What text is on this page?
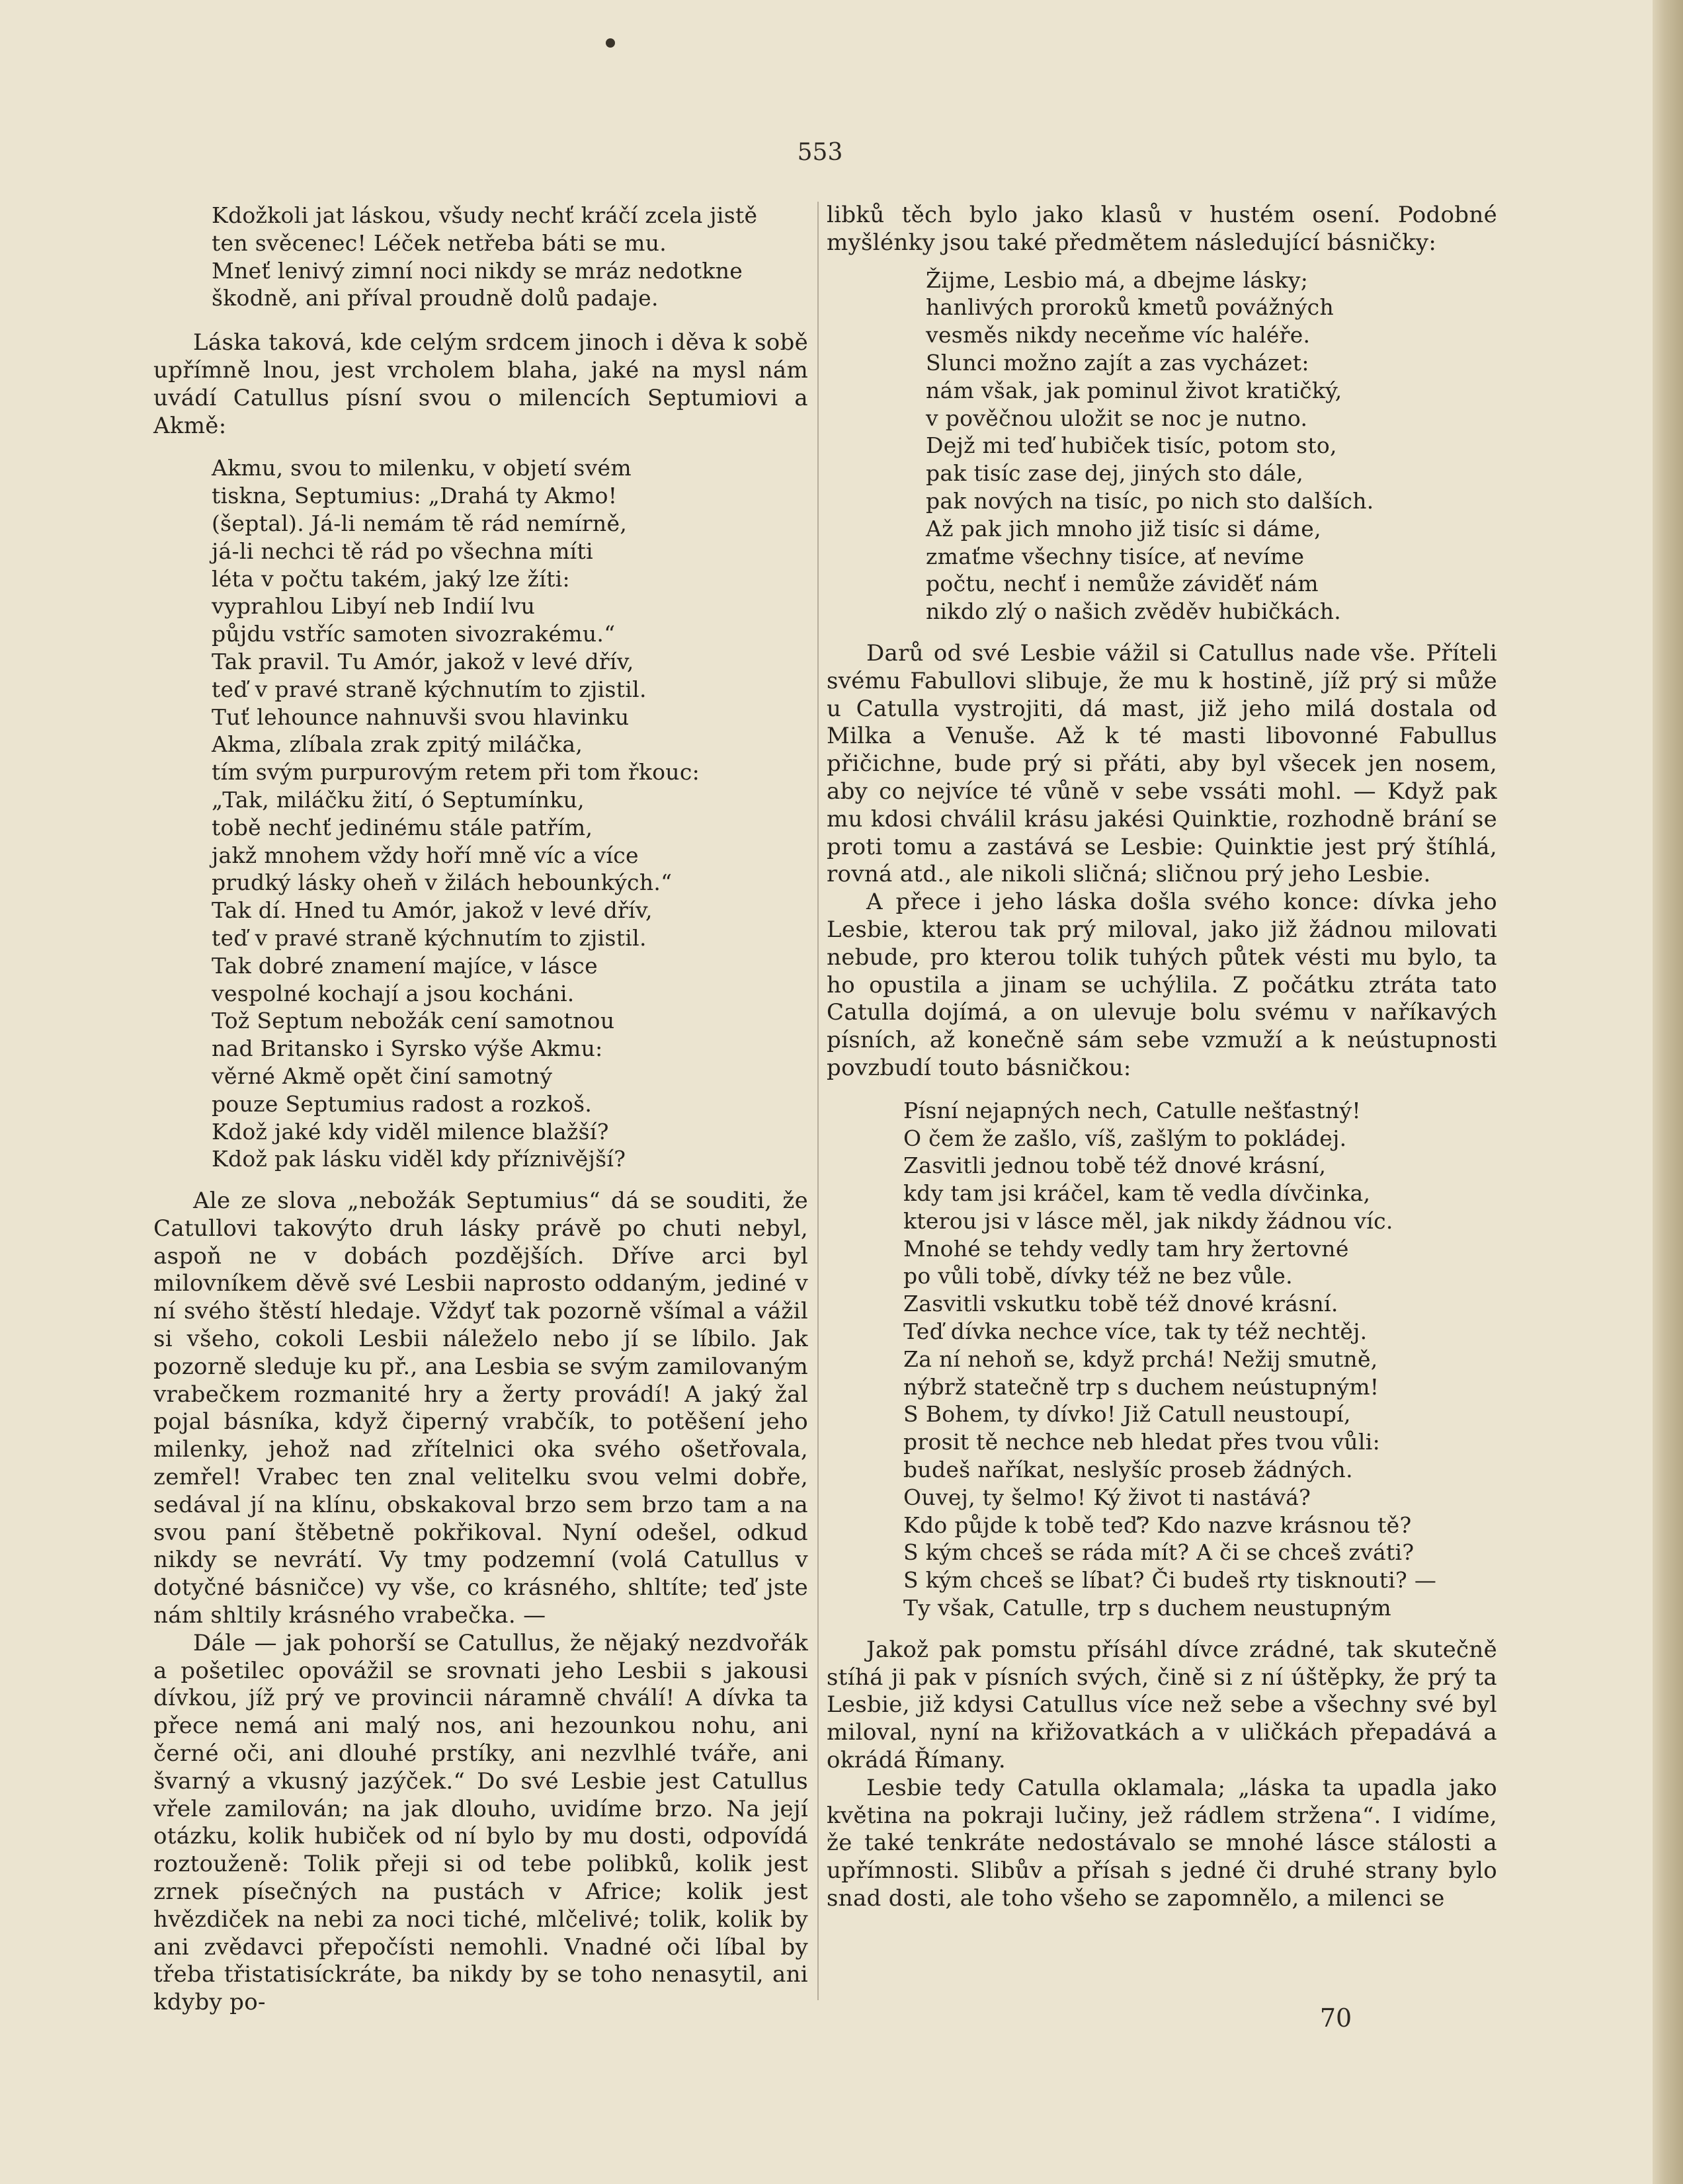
553
Kdožkoli jat láskou, všudy nechť kráčí zcela jistě
ten svěcenec! Léček netřeba báti se mu.
Mneť lenivý zimní noci nikdy se mráz nedotkne
škodně, ani příval proudně dolů padaje.

Láska taková, kde celým srdcem jinoch i děva k sobě upřímně lnou, jest vrcholem blaha, jaké na mysl nám uvádí Catullus písní svou o milencích Septumiovi a Akmě:

Akmu, svou to milenku, v objetí svém
tiskna, Septumius: „Drahá ty Akmo!
(šeptal). Já-li nemám tě rád nemírně,
já-li nechci tě rád po všechna míti
léta v počtu takém, jaký lze žíti:
vyprahlou Libyí neb Indií lvu
půjdu vstříc samoten sivozrakému.“
Tak pravil. Tu Amór, jakož v levé dřív,
teď v pravé straně kýchnutím to zjistil.
Tuť lehounce nahnuvši svou hlavinku
Akma, zlíbala zrak zpitý miláčka,
tím svým purpurovým retem při tom řkouc:
„Tak, miláčku žití, ó Septumínku,
tobě nechť jedinému stále patřím,
jakž mnohem vždy hoří mně víc a více
prudký lásky oheň v žilách hebounkých.“
Tak dí. Hned tu Amór, jakož v levé dřív,
teď v pravé straně kýchnutím to zjistil.
Tak dobré znamení majíce, v lásce
vespolné kochají a jsou kocháni.
Tož Septum nebožák cení samotnou
nad Britansko i Syrsko výše Akmu:
věrné Akmě opět činí samotný
pouze Septumius radost a rozkoš.
Kdož jaké kdy viděl milence blažší?
Kdož pak lásku viděl kdy příznivější?

Ale ze slova „nebožák Septumius“ dá se souditi, že Catullovi takovýto druh lásky právě po chuti nebyl, aspoň ne v dobách pozdějších. Dříve arci byl milovníkem děvě své Lesbii naprosto oddaným, jediné v ní svého štěstí hledaje. Vždyť tak pozorně všímal a vážil si všeho, cokoli Lesbii náleželo nebo jí se líbilo. Jak pozorně sleduje ku př., ana Lesbia se svým zamilovaným vrabečkem rozmanité hry a žerty provádí! A jaký žal pojal básníka, když čiperný vrabčík, to potěšení jeho milenky, jehož nad zřítelnici oka svého ošetřovala, zemřel! Vrabec ten znal velitelku svou velmi dobře, sedával jí na klínu, obskakoval brzo sem brzo tam a na svou paní štěbetně pokřikoval. Nyní odešel, odkud nikdy se nevrátí. Vy tmy podzemní (volá Catullus v dotyčné básničce) vy vše, co krásného, shltíte; teď jste nám shltily krásného vrabečka. —

Dále — jak pohorší se Catullus, že nějaký nezdvořák a pošetilec opovážil se srovnati jeho Lesbii s jakousi dívkou, jíž prý ve provincii náramně chválí! A dívka ta přece nemá ani malý nos, ani hezounkou nohu, ani černé oči, ani dlouhé prstíky, ani nezvlhlé tváře, ani švarný a vkusný jazýček.“ Do své Lesbie jest Catullus vřele zamilován; na jak dlouho, uvidíme brzo. Na její otázku, kolik hubiček od ní bylo by mu dosti, odpovídá roztouženě: Tolik přeji si od tebe polibků, kolik jest zrnek písečných na pustách v Africe; kolik jest hvězdiček na nebi za noci tiché, mlčelivé; tolik, kolik by ani zvědavci přepočísti nemohli. Vnadné oči líbal by třeba třistatisíckráte, ba nikdy by se toho nenasytil, ani kdyby po-

libků těch bylo jako klasů v hustém osení. Podobné myšlénky jsou také předmětem následující básničky:

Žijme, Lesbio má, a dbejme lásky;
hanlivých proroků kmetů povážných
vesměs nikdy neceňme víc haléře.
Slunci možno zajít a zas vycházet:
nám však, jak pominul život kratičký,
v pověčnou uložit se noc je nutno.
Dejž mi teď hubiček tisíc, potom sto,
pak tisíc zase dej, jiných sto dále,
pak nových na tisíc, po nich sto dalších.
Až pak jich mnoho již tisíc si dáme,
zmaťme všechny tisíce, ať nevíme
počtu, nechť i nemůže záviděť nám
nikdo zlý o našich zvěděv hubičkách.

Darů od své Lesbie vážil si Catullus nade vše. Příteli svému Fabullovi slibuje, že mu k hostině, jíž prý si může u Catulla vystrojiti, dá mast, již jeho milá dostala od Milka a Venuše. Až k té masti libovonné Fabullus přičichne, bude prý si přáti, aby byl všecek jen nosem, aby co nejvíce té vůně v sebe vssáti mohl. — Když pak mu kdosi chválil krásu jakési Quinktie, rozhodně brání se proti tomu a zastává se Lesbie: Quinktie jest prý štíhlá, rovná atd., ale nikoli sličná; sličnou prý jeho Lesbie.

A přece i jeho láska došla svého konce: dívka jeho Lesbie, kterou tak prý miloval, jako již žádnou milovati nebude, pro kterou tolik tuhých půtek vésti mu bylo, ta ho opustila a jinam se uchýlila. Z počátku ztráta tato Catulla dojímá, a on ulevuje bolu svému v naříkavých písních, až konečně sám sebe vzmuží a k neústupnosti povzbudí touto básničkou:

Písní nejapných nech, Catulle nešťastný!
O čem že zašlo, víš, zašlým to pokládej.
Zasvitli jednou tobě též dnové krásní,
kdy tam jsi kráčel, kam tě vedla dívčinka,
kterou jsi v lásce měl, jak nikdy žádnou víc.
Mnohé se tehdy vedly tam hry žertovné
po vůli tobě, dívky též ne bez vůle.
Zasvitli vskutku tobě též dnové krásní.
Teď dívka nechce více, tak ty též nechtěj.
Za ní nehoň se, když prchá! Nežij smutně,
nýbrž statečně trp s duchem neústupným!
S Bohem, ty dívko! Již Catull neustoupí,
prosit tě nechce neb hledat přes tvou vůli:
budeš naříkat, neslyšíc proseb žádných.
Ouvej, ty šelmo! Ký život ti nastává?
Kdo půjde k tobě teď? Kdo nazve krásnou tě?
S kým chceš se ráda mít? A či se chceš zváti?
S kým chceš se líbat? Či budeš rty tisknouti? —
Ty však, Catulle, trp s duchem neustupným

Jakož pak pomstu přísáhl dívce zrádné, tak skutečně stíhá ji pak v písních svých, čině si z ní úštěpky, že prý ta Lesbie, již kdysi Catullus více než sebe a všechny své byl miloval, nyní na křižovatkách a v uličkách přepadává a okrádá Římany.

Lesbie tedy Catulla oklamala; „láska ta upadla jako květina na pokraji lučiny, jež rádlem stržena“. I vidíme, že také tenkráte nedostávalo se mnohé lásce stálosti a upřímnosti. Slibův a přísah s jedné či druhé strany bylo snad dosti, ale toho všeho se zapomnělo, a milenci se

70
